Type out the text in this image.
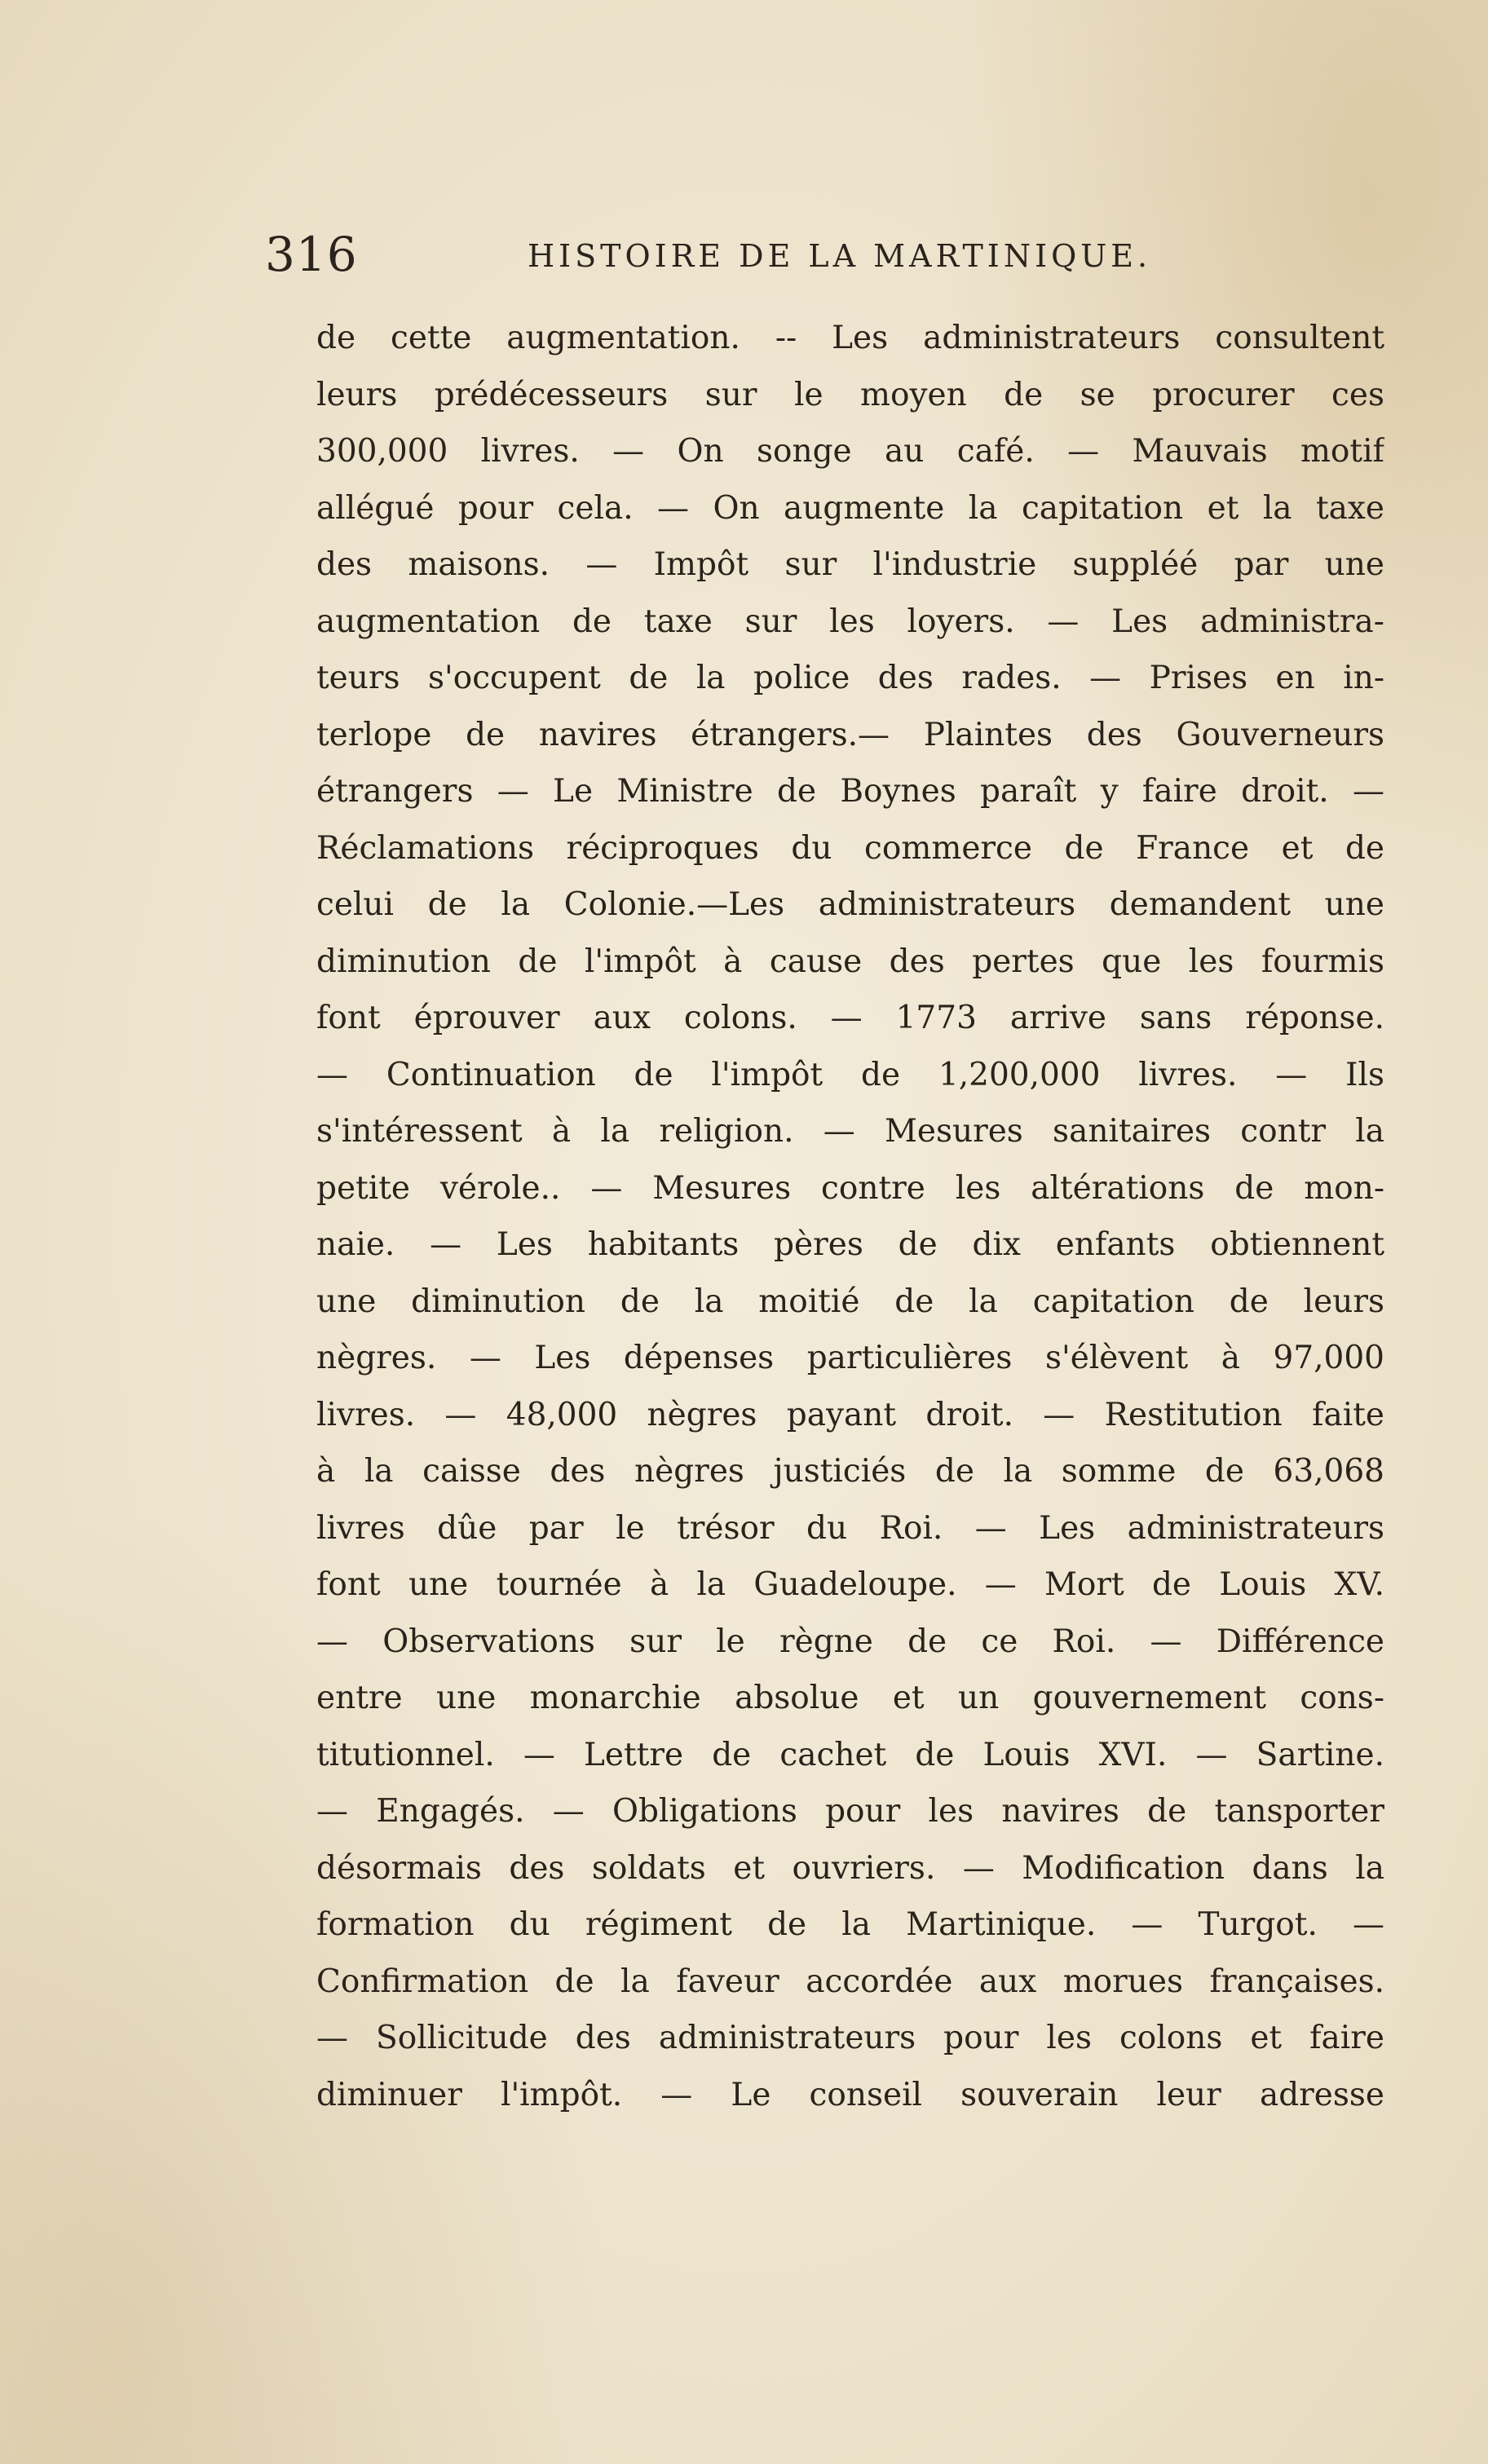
316	HISTOIRE DE LA MARTINIQUE.
de cette augmentation. -- Les administrateurs consultent
leurs prédécesseurs sur le moyen de se procurer ces
300,000 livres. — On songe au café. — Mauvais motif
allégué pour cela. — On augmente la capitation et la taxe
des maisons. — Impôt sur l'industrie suppléé par une
augmentation de taxe sur les loyers. — Les administra-
teurs s'occupent de la police des rades. — Prises en in-
terlope de navires étrangers.— Plaintes des Gouverneurs
étrangers — Le Ministre de Boynes paraît y faire droit. —
Réclamations réciproques du commerce de France et de
celui de la Colonie.—Les administrateurs demandent une
diminution de l'impôt à cause des pertes que les fourmis
font éprouver aux colons. — 1773 arrive sans réponse.
— Continuation de l'impôt de 1,200,000 livres. — Ils
s'intéressent à la religion. — Mesures sanitaires contr la
petite vérole.. — Mesures contre les altérations de mon-
naie. — Les habitants pères de dix enfants obtiennent
une diminution de la moitié de la capitation de leurs
nègres. — Les dépenses particulières s'élèvent à 97,000
livres. — 48,000 nègres payant droit. — Restitution faite
à la caisse des nègres justiciés de la somme de 63,068
livres dûe par le trésor du Roi. — Les administrateurs
font une tournée à la Guadeloupe. — Mort de Louis XV.
— Observations sur le règne de ce Roi. — Différence
entre une monarchie absolue et un gouvernement cons-
titutionnel. — Lettre de cachet de Louis XVI. — Sartine.
— Engagés. — Obligations pour les navires de tansporter
désormais des soldats et ouvriers. — Modification dans la
formation du régiment de la Martinique. — Turgot. —
Confirmation de la faveur accordée aux morues françaises.
— Sollicitude des administrateurs pour les colons et faire
diminuer l'impôt. — Le conseil souverain leur adresse
